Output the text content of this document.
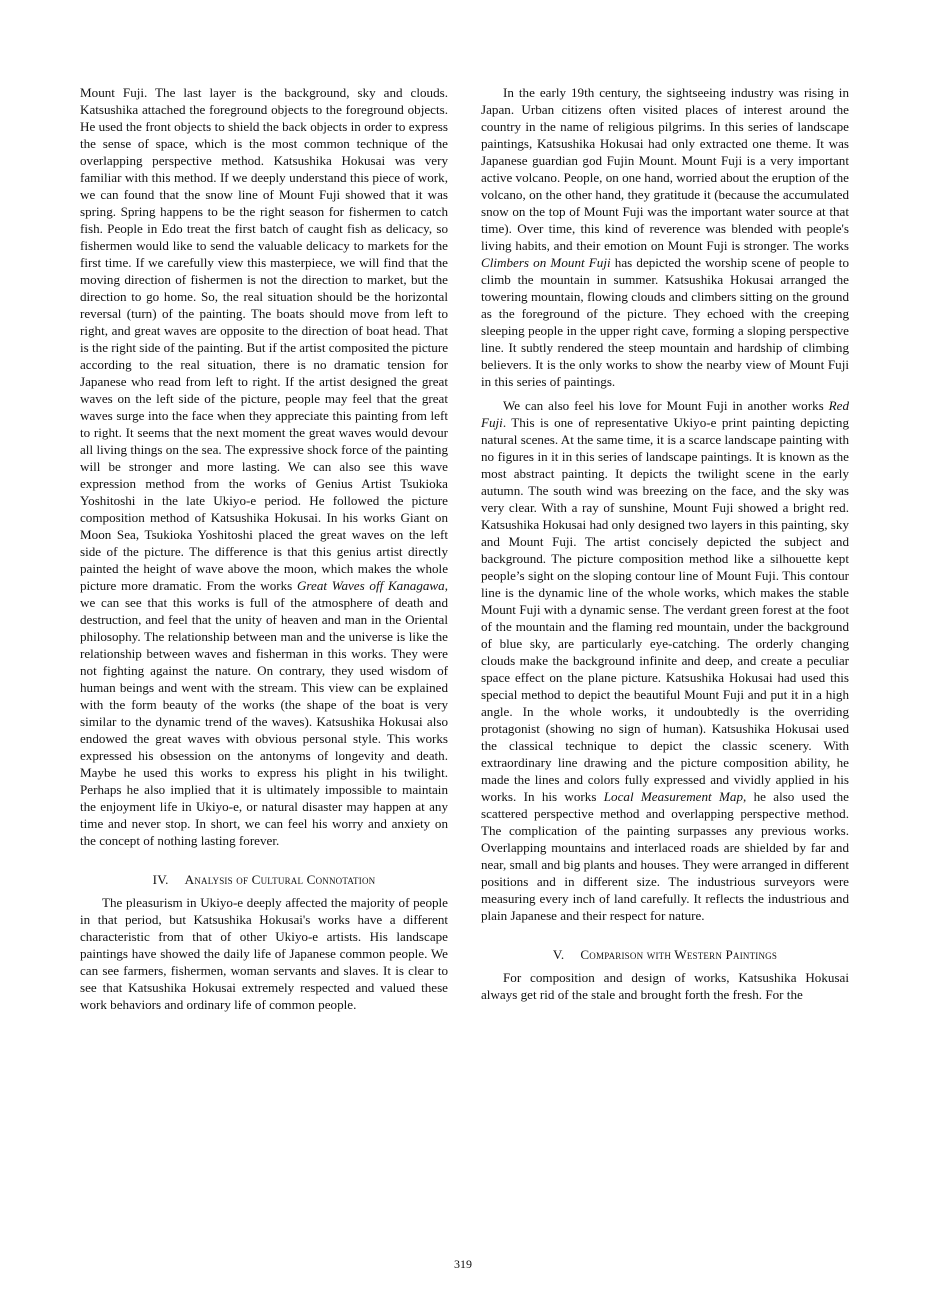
Mount Fuji. The last layer is the background, sky and clouds. Katsushika attached the foreground objects to the foreground objects. He used the front objects to shield the back objects in order to express the sense of space, which is the most common technique of the overlapping perspective method. Katsushika Hokusai was very familiar with this method. If we deeply understand this piece of work, we can found that the snow line of Mount Fuji showed that it was spring. Spring happens to be the right season for fishermen to catch fish. People in Edo treat the first batch of caught fish as delicacy, so fishermen would like to send the valuable delicacy to markets for the first time. If we carefully view this masterpiece, we will find that the moving direction of fishermen is not the direction to market, but the direction to go home. So, the real situation should be the horizontal reversal (turn) of the painting. The boats should move from left to right, and great waves are opposite to the direction of boat head. That is the right side of the painting. But if the artist composited the picture according to the real situation, there is no dramatic tension for Japanese who read from left to right. If the artist designed the great waves on the left side of the picture, people may feel that the great waves surge into the face when they appreciate this painting from left to right. It seems that the next moment the great waves would devour all living things on the sea. The expressive shock force of the painting will be stronger and more lasting. We can also see this wave expression method from the works of Genius Artist Tsukioka Yoshitoshi in the late Ukiyo-e period. He followed the picture composition method of Katsushika Hokusai. In his works Giant on Moon Sea, Tsukioka Yoshitoshi placed the great waves on the left side of the picture. The difference is that this genius artist directly painted the height of wave above the moon, which makes the whole picture more dramatic. From the works Great Waves off Kanagawa, we can see that this works is full of the atmosphere of death and destruction, and feel that the unity of heaven and man in the Oriental philosophy. The relationship between man and the universe is like the relationship between waves and fisherman in this works. They were not fighting against the nature. On contrary, they used wisdom of human beings and went with the stream. This view can be explained with the form beauty of the works (the shape of the boat is very similar to the dynamic trend of the waves). Katsushika Hokusai also endowed the great waves with obvious personal style. This works expressed his obsession on the antonyms of longevity and death. Maybe he used this works to express his plight in his twilight. Perhaps he also implied that it is ultimately impossible to maintain the enjoyment life in Ukiyo-e, or natural disaster may happen at any time and never stop. In short, we can feel his worry and anxiety on the concept of nothing lasting forever.

IV. Analysis of Cultural Connotation

The pleasurism in Ukiyo-e deeply affected the majority of people in that period, but Katsushika Hokusai's works have a different characteristic from that of other Ukiyo-e artists. His landscape paintings have showed the daily life of Japanese common people. We can see farmers, fishermen, woman servants and slaves. It is clear to see that Katsushika Hokusai extremely respected and valued these work behaviors and ordinary life of common people.

In the early 19th century, the sightseeing industry was rising in Japan. Urban citizens often visited places of interest around the country in the name of religious pilgrims. In this series of landscape paintings, Katsushika Hokusai had only extracted one theme. It was Japanese guardian god Fujin Mount. Mount Fuji is a very important active volcano. People, on one hand, worried about the eruption of the volcano, on the other hand, they gratitude it (because the accumulated snow on the top of Mount Fuji was the important water source at that time). Over time, this kind of reverence was blended with people's living habits, and their emotion on Mount Fuji is stronger. The works Climbers on Mount Fuji has depicted the worship scene of people to climb the mountain in summer. Katsushika Hokusai arranged the towering mountain, flowing clouds and climbers sitting on the ground as the foreground of the picture. They echoed with the creeping sleeping people in the upper right cave, forming a sloping perspective line. It subtly rendered the steep mountain and hardship of climbing believers. It is the only works to show the nearby view of Mount Fuji in this series of paintings.

We can also feel his love for Mount Fuji in another works Red Fuji. This is one of representative Ukiyo-e print painting depicting natural scenes. At the same time, it is a scarce landscape painting with no figures in it in this series of landscape paintings. It is known as the most abstract painting. It depicts the twilight scene in the early autumn. The south wind was breezing on the face, and the sky was very clear. With a ray of sunshine, Mount Fuji showed a bright red. Katsushika Hokusai had only designed two layers in this painting, sky and Mount Fuji. The artist concisely depicted the subject and background. The picture composition method like a silhouette kept people’s sight on the sloping contour line of Mount Fuji. This contour line is the dynamic line of the whole works, which makes the stable Mount Fuji with a dynamic sense. The verdant green forest at the foot of the mountain and the flaming red mountain, under the background of blue sky, are particularly eye-catching. The orderly changing clouds make the background infinite and deep, and create a peculiar space effect on the plane picture. Katsushika Hokusai had used this special method to depict the beautiful Mount Fuji and put it in a high angle. In the whole works, it undoubtedly is the overriding protagonist (showing no sign of human). Katsushika Hokusai used the classical technique to depict the classic scenery. With extraordinary line drawing and the picture composition ability, he made the lines and colors fully expressed and vividly applied in his works. In his works Local Measurement Map, he also used the scattered perspective method and overlapping perspective method. The complication of the painting surpasses any previous works. Overlapping mountains and interlaced roads are shielded by far and near, small and big plants and houses. They were arranged in different positions and in different size. The industrious surveyors were measuring every inch of land carefully. It reflects the industrious and plain Japanese and their respect for nature.

V. Comparison with Western Paintings

For composition and design of works, Katsushika Hokusai always get rid of the stale and brought forth the fresh. For the

319
